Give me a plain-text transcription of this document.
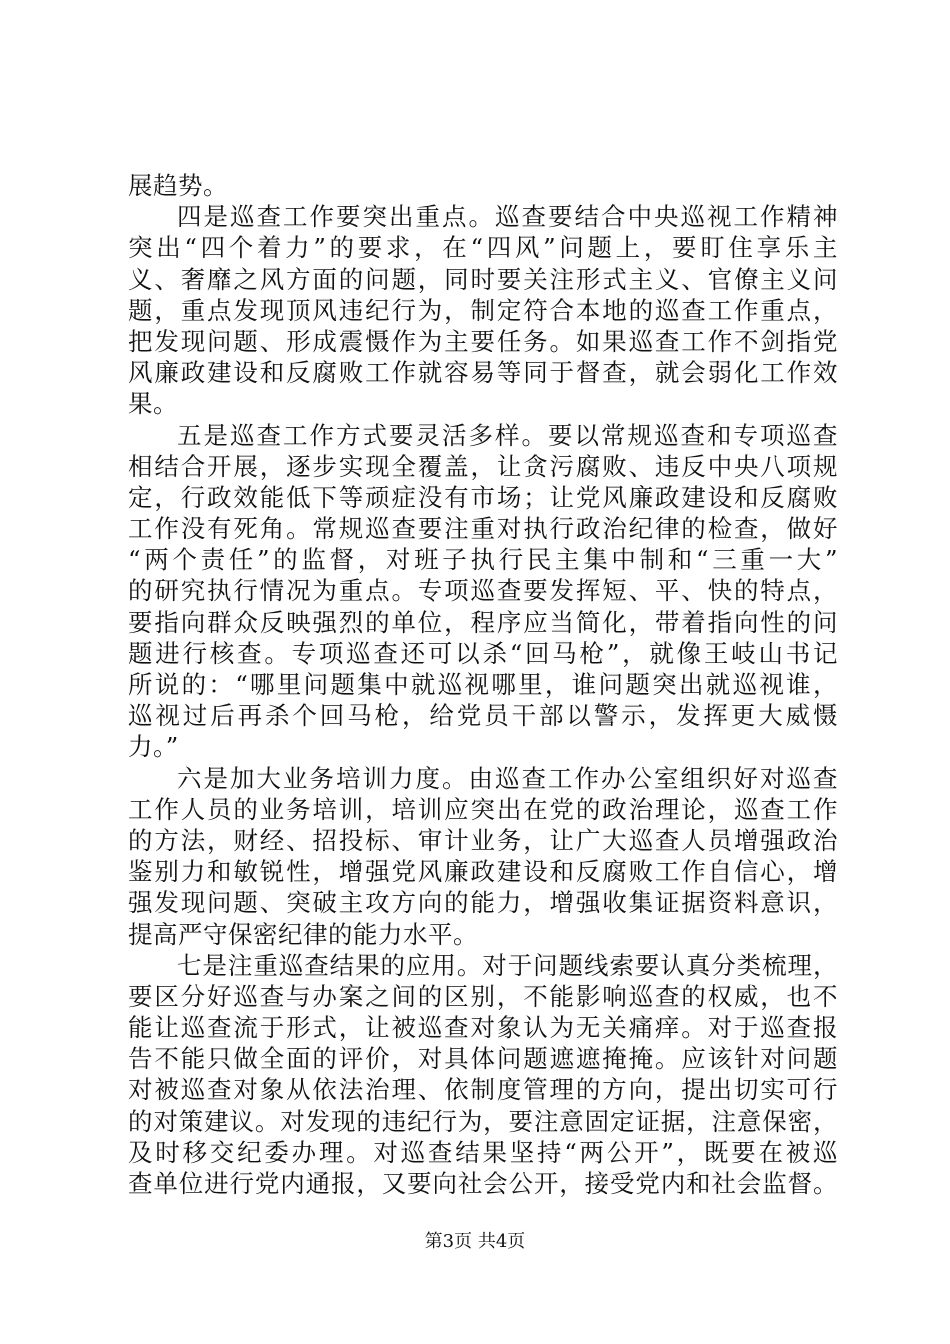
展趋势。
四是巡查工作要突出重点。巡查要结合中央巡视工作精神
突出“四个着力”的要求，在“四风”问题上，要盯住享乐主
义、奢靡之风方面的问题，同时要关注形式主义、官僚主义问
题，重点发现顶风违纪行为，制定符合本地的巡查工作重点，
把发现问题、形成震慑作为主要任务。如果巡查工作不剑指党
风廉政建设和反腐败工作就容易等同于督查，就会弱化工作效
果。
五是巡查工作方式要灵活多样。要以常规巡查和专项巡查
相结合开展，逐步实现全覆盖，让贪污腐败、违反中央八项规
定，行政效能低下等顽症没有市场；让党风廉政建设和反腐败
工作没有死角。常规巡查要注重对执行政治纪律的检查，做好
“两个责任”的监督，对班子执行民主集中制和“三重一大”
的研究执行情况为重点。专项巡查要发挥短、平、快的特点，
要指向群众反映强烈的单位，程序应当简化，带着指向性的问
题进行核查。专项巡查还可以杀“回马枪”，就像王岐山书记
所说的：“哪里问题集中就巡视哪里，谁问题突出就巡视谁，
巡视过后再杀个回马枪，给党员干部以警示，发挥更大威慑
力。”
六是加大业务培训力度。由巡查工作办公室组织好对巡查
工作人员的业务培训，培训应突出在党的政治理论，巡查工作
的方法，财经、招投标、审计业务，让广大巡查人员增强政治
鉴别力和敏锐性，增强党风廉政建设和反腐败工作自信心，增
强发现问题、突破主攻方向的能力，增强收集证据资料意识，
提高严守保密纪律的能力水平。
七是注重巡查结果的应用。对于问题线索要认真分类梳理，
要区分好巡查与办案之间的区别，不能影响巡查的权威，也不
能让巡查流于形式，让被巡查对象认为无关痛痒。对于巡查报
告不能只做全面的评价，对具体问题遮遮掩掩。应该针对问题
对被巡查对象从依法治理、依制度管理的方向，提出切实可行
的对策建议。对发现的违纪行为，要注意固定证据，注意保密，
及时移交纪委办理。对巡查结果坚持“两公开”，既要在被巡
查单位进行党内通报，又要向社会公开，接受党内和社会监督。
第3页 共4页
